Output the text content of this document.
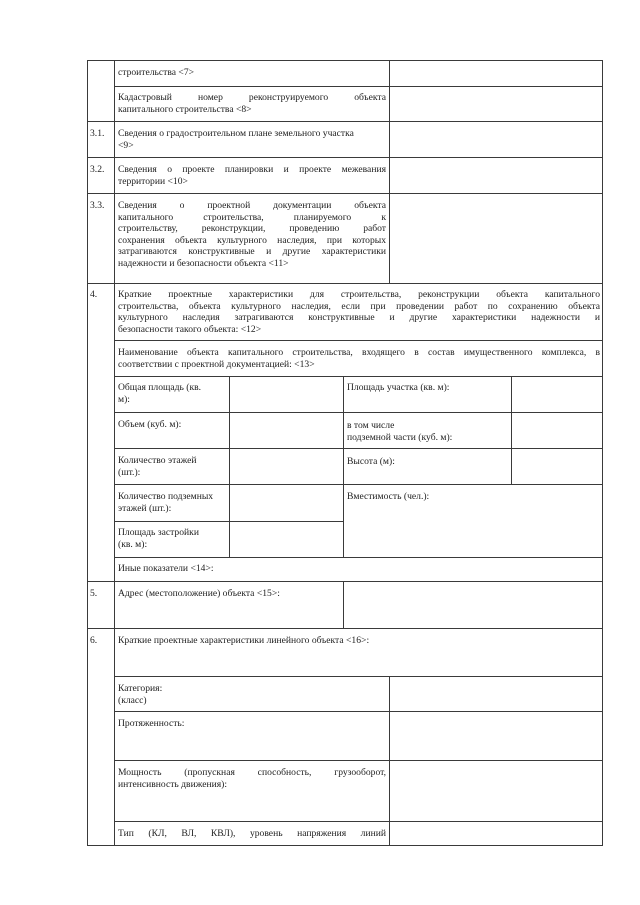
строительства <7>

Кадастровый номер реконструируемого объекта
капитального строительства <8>

3.1. Сведения о градостроительном плане земельного участка
<9>

3.2. Сведения о проекте планировки и проекте межевания
территории <10>

3.3. Сведения о проектной документации объекта
капитального строительства, планируемого к
строительству, реконструкции, проведению работ
сохранения объекта культурного наследия, при которых
затрагиваются конструктивные и другие характеристики
надежности и безопасности объекта <11>

4. Краткие проектные характеристики для строительства, реконструкции объекта капитального
строительства, объекта культурного наследия, если при проведении работ по сохранению объекта
культурного наследия затрагиваются конструктивные и другие характеристики надежности и
безопасности такого объекта: <12>
Наименование объекта капитального строительства, входящего в состав имущественного комплекса, в
соответствии с проектной документацией: <13>
Общая площадь (кв.
м):

Площадь участка (кв. м):

Объем (куб. м):	в том числе
подземной части (куб. м):
Количество этажей
(шт.):

Высота (м):

Количество подземных
этажей (шт.):

Вместимость (чел.):

Площадь застройки
(кв. м):

Иные показатели <14>:

5. Адрес (местоположение) объекта <15>:

6. Краткие проектные характеристики линейного объекта <16>:

Категория:
(класс)

Протяженность:

Мощность (пропускная способность, грузооборот,
интенсивность движения):
Тип (КЛ, ВЛ, КВЛ), уровень напряжения линий
